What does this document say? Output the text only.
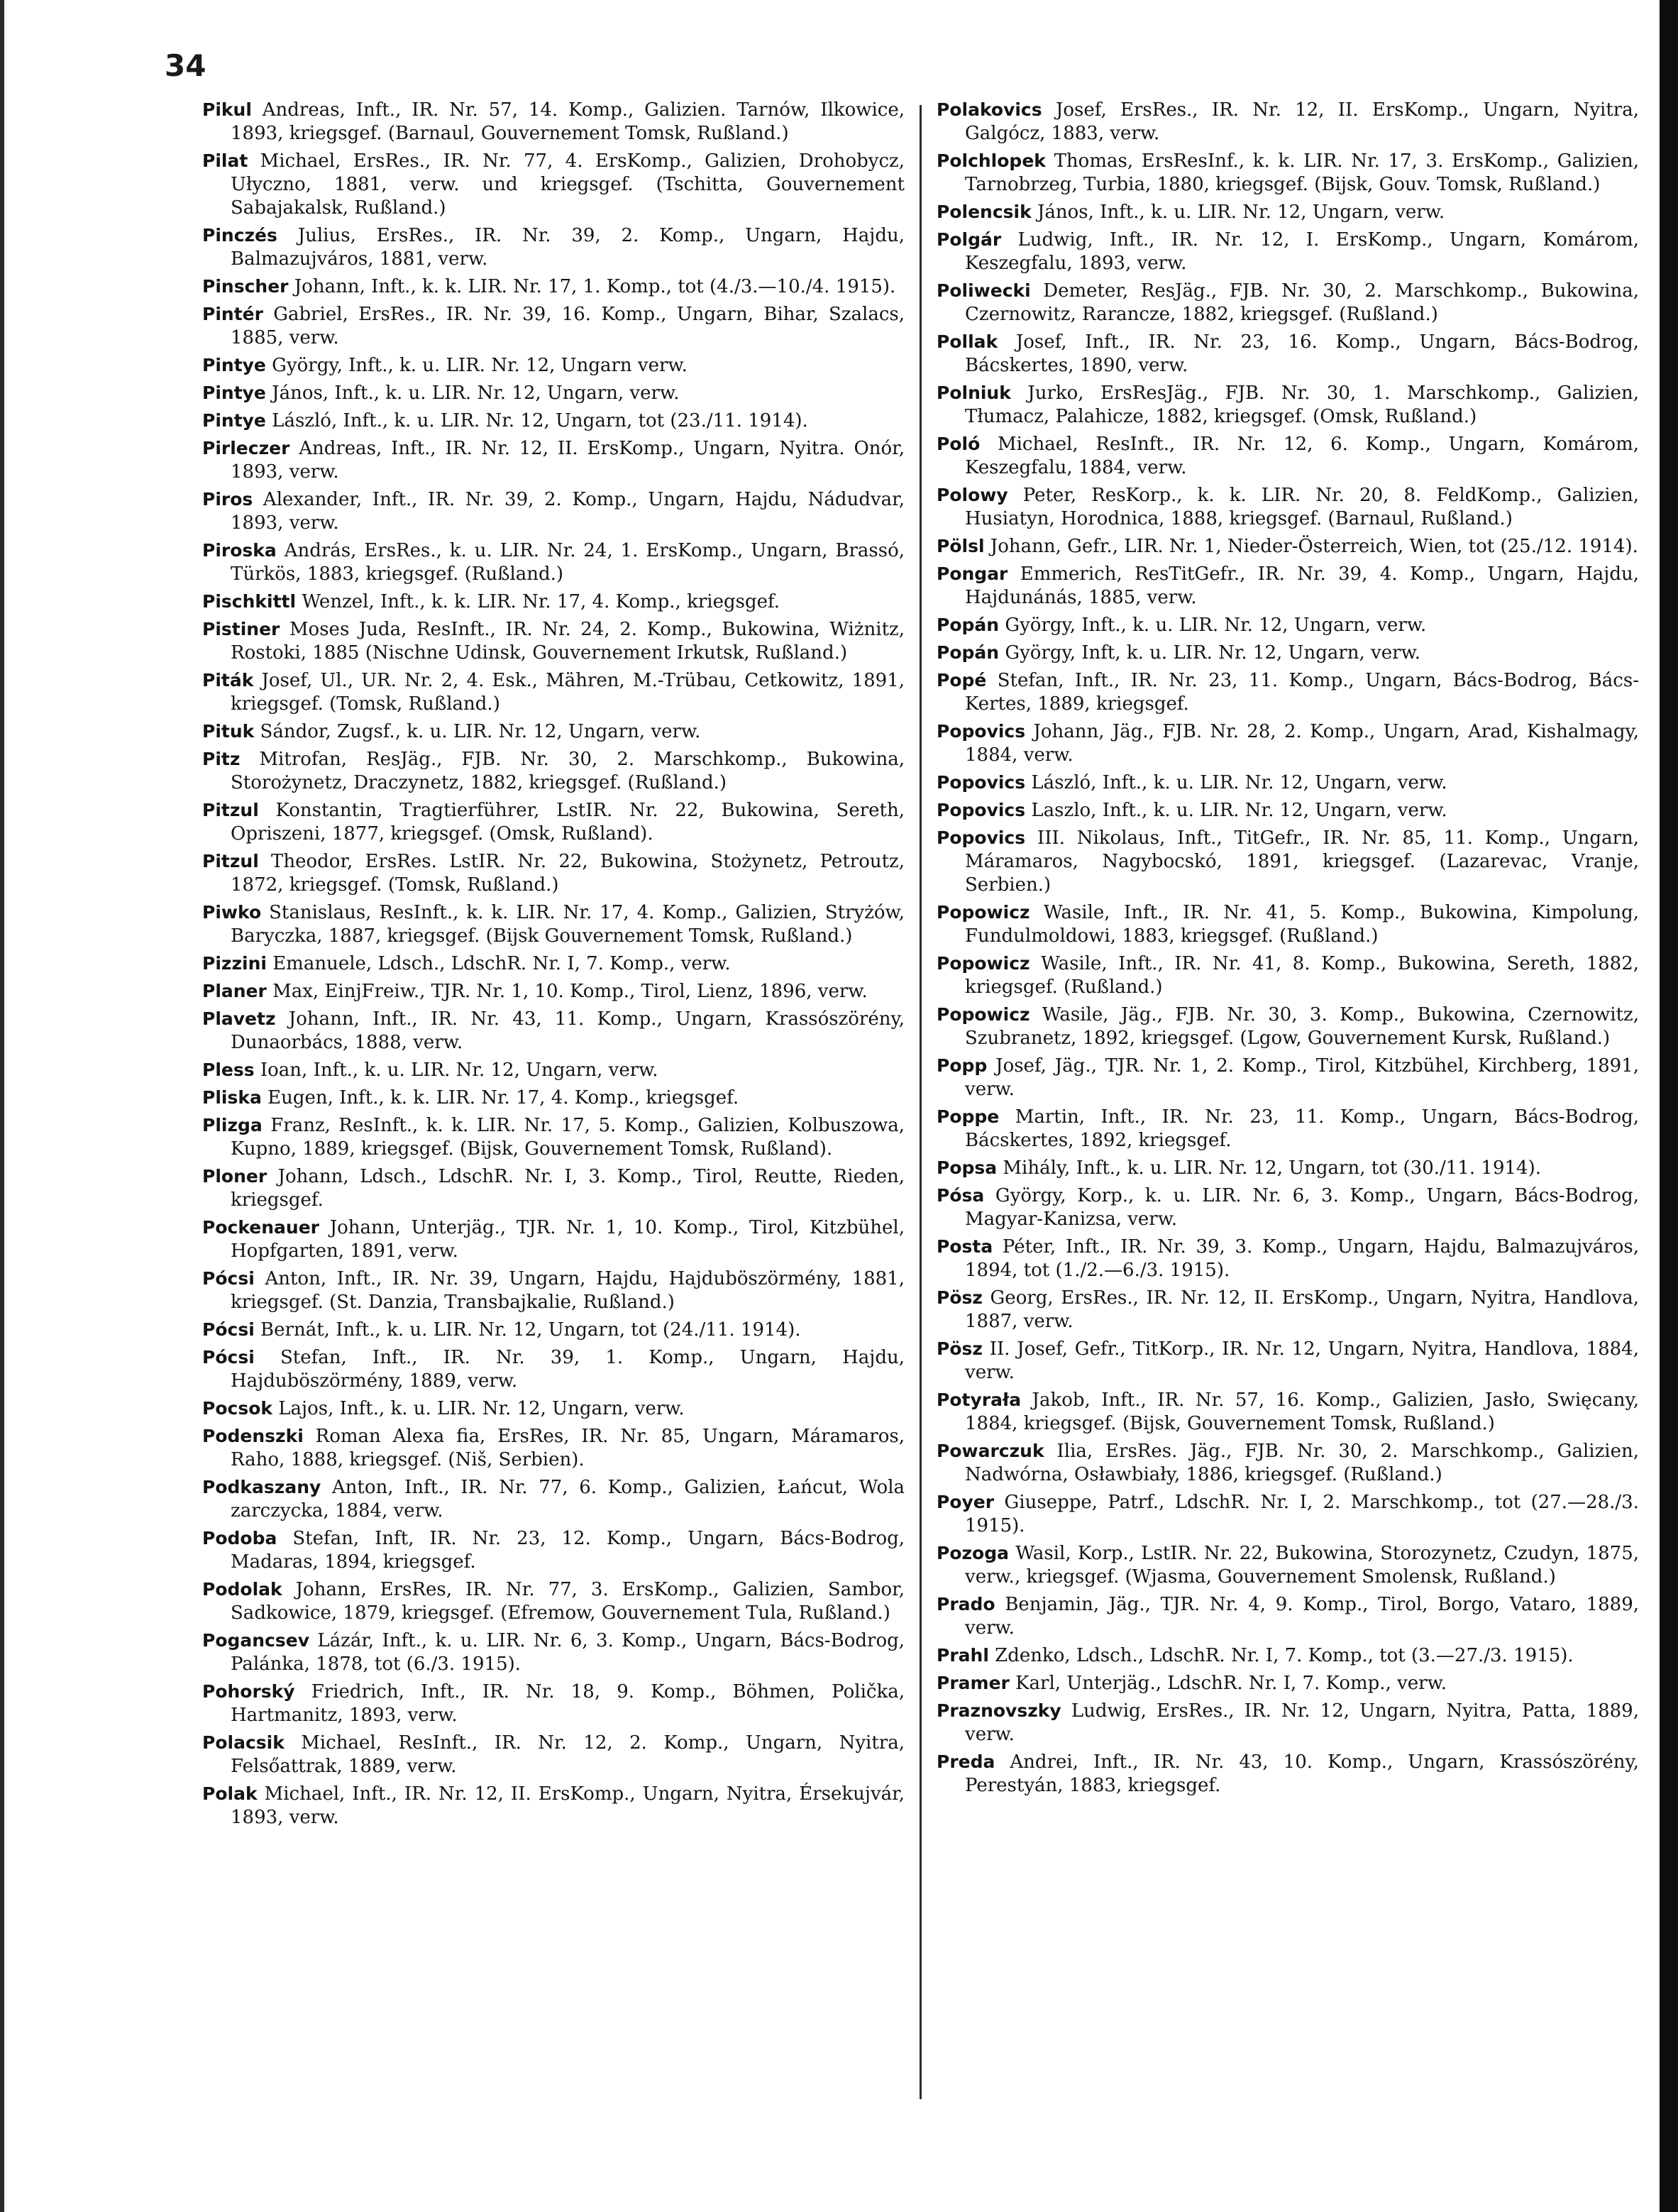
34

Pikul Andreas, Inft., IR. Nr. 57, 14. Komp., Galizien. Tarnów, Ilkowice, 1893, kriegsgef. (Barnaul, Gouvernement Tomsk, Rußland.)

Pilat Michael, ErsRes., IR. Nr. 77, 4. ErsKomp., Galizien, Drohobycz, Ułyczno, 1881, verw. und kriegsgef. (Tschitta, Gouvernement Sabajakalsk, Rußland.)

Pinczés Julius, ErsRes., IR. Nr. 39, 2. Komp., Ungarn, Hajdu, Balmazujváros, 1881, verw.

Pinscher Johann, Inft., k. k. LIR. Nr. 17, 1. Komp., tot (4./3.—10./4. 1915).

Pintér Gabriel, ErsRes., IR. Nr. 39, 16. Komp., Ungarn, Bihar, Szalacs, 1885, verw.

Pintye György, Inft., k. u. LIR. Nr. 12, Ungarn verw.

Pintye János, Inft., k. u. LIR. Nr. 12, Ungarn, verw.

Pintye László, Inft., k. u. LIR. Nr. 12, Ungarn, tot (23./11. 1914).

Pirleczer Andreas, Inft., IR. Nr. 12, II. ErsKomp., Ungarn, Nyitra. Onór, 1893, verw.

Piros Alexander, Inft., IR. Nr. 39, 2. Komp., Ungarn, Hajdu, Nádudvar, 1893, verw.

Piroska András, ErsRes., k. u. LIR. Nr. 24, 1. ErsKomp., Ungarn, Brassó, Türkös, 1883, kriegsgef. (Rußland.)

Pischkittl Wenzel, Inft., k. k. LIR. Nr. 17, 4. Komp., kriegsgef.

Pistiner Moses Juda, ResInft., IR. Nr. 24, 2. Komp., Bukowina, Wiżnitz, Rostoki, 1885 (Nischne Udinsk, Gouvernement Irkutsk, Rußland.)

Piták Josef, Ul., UR. Nr. 2, 4. Esk., Mähren, M.-Trübau, Cetkowitz, 1891, kriegsgef. (Tomsk, Rußland.)

Pituk Sándor, Zugsf., k. u. LIR. Nr. 12, Ungarn, verw.

Pitz Mitrofan, ResJäg., FJB. Nr. 30, 2. Marschkomp., Bukowina, Storożynetz, Draczynetz, 1882, kriegsgef. (Rußland.)

Pitzul Konstantin, Tragtierführer, LstIR. Nr. 22, Bukowina, Sereth, Opriszeni, 1877, kriegsgef. (Omsk, Rußland).

Pitzul Theodor, ErsRes. LstIR. Nr. 22, Bukowina, Stożynetz, Petroutz, 1872, kriegsgef. (Tomsk, Rußland.)

Piwko Stanislaus, ResInft., k. k. LIR. Nr. 17, 4. Komp., Galizien, Stryżów, Baryczka, 1887, kriegsgef. (Bijsk Gouvernement Tomsk, Rußland.)

Pizzini Emanuele, Ldsch., LdschR. Nr. I, 7. Komp., verw.

Planer Max, EinjFreiw., TJR. Nr. 1, 10. Komp., Tirol, Lienz, 1896, verw.

Plavetz Johann, Inft., IR. Nr. 43, 11. Komp., Ungarn, Krassószörény, Dunaorbács, 1888, verw.

Pless Ioan, Inft., k. u. LIR. Nr. 12, Ungarn, verw.

Pliska Eugen, Inft., k. k. LIR. Nr. 17, 4. Komp., kriegsgef.

Plizga Franz, ResInft., k. k. LIR. Nr. 17, 5. Komp., Galizien, Kolbuszowa, Kupno, 1889, kriegsgef. (Bijsk, Gouvernement Tomsk, Rußland).

Ploner Johann, Ldsch., LdschR. Nr. I, 3. Komp., Tirol, Reutte, Rieden, kriegsgef.

Pockenauer Johann, Unterjäg., TJR. Nr. 1, 10. Komp., Tirol, Kitzbühel, Hopfgarten, 1891, verw.

Pócsi Anton, Inft., IR. Nr. 39, Ungarn, Hajdu, Hajduböszörmény, 1881, kriegsgef. (St. Danzia, Transbajkalie, Rußland.)

Pócsi Bernát, Inft., k. u. LIR. Nr. 12, Ungarn, tot (24./11. 1914).

Pócsi Stefan, Inft., IR. Nr. 39, 1. Komp., Ungarn, Hajdu, Hajduböszörmény, 1889, verw.

Pocsok Lajos, Inft., k. u. LIR. Nr. 12, Ungarn, verw.

Podenszki Roman Alexa fia, ErsRes, IR. Nr. 85, Ungarn, Máramaros, Raho, 1888, kriegsgef. (Niš, Serbien).

Podkaszany Anton, Inft., IR. Nr. 77, 6. Komp., Galizien, Łańcut, Wola zarczycka, 1884, verw.

Podoba Stefan, Inft, IR. Nr. 23, 12. Komp., Ungarn, Bács-Bodrog, Madaras, 1894, kriegsgef.

Podolak Johann, ErsRes, IR. Nr. 77, 3. ErsKomp., Galizien, Sambor, Sadkowice, 1879, kriegsgef. (Efremow, Gouvernement Tula, Rußland.)

Pogancsev Lázár, Inft., k. u. LIR. Nr. 6, 3. Komp., Ungarn, Bács-Bodrog, Palánka, 1878, tot (6./3. 1915).

Pohorský Friedrich, Inft., IR. Nr. 18, 9. Komp., Böhmen, Polička, Hartmanitz, 1893, verw.

Polacsik Michael, ResInft., IR. Nr. 12, 2. Komp., Ungarn, Nyitra, Felsőattrak, 1889, verw.

Polak Michael, Inft., IR. Nr. 12, II. ErsKomp., Ungarn, Nyitra, Érsekujvár, 1893, verw.

Polakovics Josef, ErsRes., IR. Nr. 12, II. ErsKomp., Ungarn, Nyitra, Galgócz, 1883, verw.

Polchlopek Thomas, ErsResInf., k. k. LIR. Nr. 17, 3. ErsKomp., Galizien, Tarnobrzeg, Turbia, 1880, kriegsgef. (Bijsk, Gouv. Tomsk, Rußland.)

Polencsik János, Inft., k. u. LIR. Nr. 12, Ungarn, verw.

Polgár Ludwig, Inft., IR. Nr. 12, I. ErsKomp., Ungarn, Komárom, Keszegfalu, 1893, verw.

Poliwecki Demeter, ResJäg., FJB. Nr. 30, 2. Marschkomp., Bukowina, Czernowitz, Rarancze, 1882, kriegsgef. (Rußland.)

Pollak Josef, Inft., IR. Nr. 23, 16. Komp., Ungarn, Bács-Bodrog, Bácskertes, 1890, verw.

Polniuk Jurko, ErsResJäg., FJB. Nr. 30, 1. Marschkomp., Galizien, Tłumacz, Palahicze, 1882, kriegsgef. (Omsk, Rußland.)

Poló Michael, ResInft., IR. Nr. 12, 6. Komp., Ungarn, Komárom, Keszegfalu, 1884, verw.

Polowy Peter, ResKorp., k. k. LIR. Nr. 20, 8. FeldKomp., Galizien, Husiatyn, Horodnica, 1888, kriegsgef. (Barnaul, Rußland.)

Pölsl Johann, Gefr., LIR. Nr. 1, Nieder-Österreich, Wien, tot (25./12. 1914).

Pongar Emmerich, ResTitGefr., IR. Nr. 39, 4. Komp., Ungarn, Hajdu, Hajdunánás, 1885, verw.

Popán György, Inft., k. u. LIR. Nr. 12, Ungarn, verw.

Popán György, Inft, k. u. LIR. Nr. 12, Ungarn, verw.

Popé Stefan, Inft., IR. Nr. 23, 11. Komp., Ungarn, Bács-Bodrog, Bács-Kertes, 1889, kriegsgef.

Popovics Johann, Jäg., FJB. Nr. 28, 2. Komp., Ungarn, Arad, Kishalmagy, 1884, verw.

Popovics László, Inft., k. u. LIR. Nr. 12, Ungarn, verw.

Popovics Laszlo, Inft., k. u. LIR. Nr. 12, Ungarn, verw.

Popovics III. Nikolaus, Inft., TitGefr., IR. Nr. 85, 11. Komp., Ungarn, Máramaros, Nagybocskó, 1891, kriegsgef. (Lazarevac, Vranje, Serbien.)

Popowicz Wasile, Inft., IR. Nr. 41, 5. Komp., Bukowina, Kimpolung, Fundulmoldowi, 1883, kriegsgef. (Rußland.)

Popowicz Wasile, Inft., IR. Nr. 41, 8. Komp., Bukowina, Sereth, 1882, kriegsgef. (Rußland.)

Popowicz Wasile, Jäg., FJB. Nr. 30, 3. Komp., Bukowina, Czernowitz, Szubranetz, 1892, kriegsgef. (Lgow, Gouvernement Kursk, Rußland.)

Popp Josef, Jäg., TJR. Nr. 1, 2. Komp., Tirol, Kitzbühel, Kirchberg, 1891, verw.

Poppe Martin, Inft., IR. Nr. 23, 11. Komp., Ungarn, Bács-Bodrog, Bácskertes, 1892, kriegsgef.

Popsa Mihály, Inft., k. u. LIR. Nr. 12, Ungarn, tot (30./11. 1914).

Pósa György, Korp., k. u. LIR. Nr. 6, 3. Komp., Ungarn, Bács-Bodrog, Magyar-Kanizsa, verw.

Posta Péter, Inft., IR. Nr. 39, 3. Komp., Ungarn, Hajdu, Balmazujváros, 1894, tot (1./2.—6./3. 1915).

Pösz Georg, ErsRes., IR. Nr. 12, II. ErsKomp., Ungarn, Nyitra, Handlova, 1887, verw.

Pösz II. Josef, Gefr., TitKorp., IR. Nr. 12, Ungarn, Nyitra, Handlova, 1884, verw.

Potyrała Jakob, Inft., IR. Nr. 57, 16. Komp., Galizien, Jasło, Swięcany, 1884, kriegsgef. (Bijsk, Gouvernement Tomsk, Rußland.)

Powarczuk Ilia, ErsRes. Jäg., FJB. Nr. 30, 2. Marschkomp., Galizien, Nadwórna, Osławbiały, 1886, kriegsgef. (Rußland.)

Poyer Giuseppe, Patrf., LdschR. Nr. I, 2. Marschkomp., tot (27.—28./3. 1915).

Pozoga Wasil, Korp., LstIR. Nr. 22, Bukowina, Storozynetz, Czudyn, 1875, verw., kriegsgef. (Wjasma, Gouvernement Smolensk, Rußland.)

Prado Benjamin, Jäg., TJR. Nr. 4, 9. Komp., Tirol, Borgo, Vataro, 1889, verw.

Prahl Zdenko, Ldsch., LdschR. Nr. I, 7. Komp., tot (3.—27./3. 1915).

Pramer Karl, Unterjäg., LdschR. Nr. I, 7. Komp., verw.

Praznovszky Ludwig, ErsRes., IR. Nr. 12, Ungarn, Nyitra, Patta, 1889, verw.

Preda Andrei, Inft., IR. Nr. 43, 10. Komp., Ungarn, Krassószörény, Perestyán, 1883, kriegsgef.
